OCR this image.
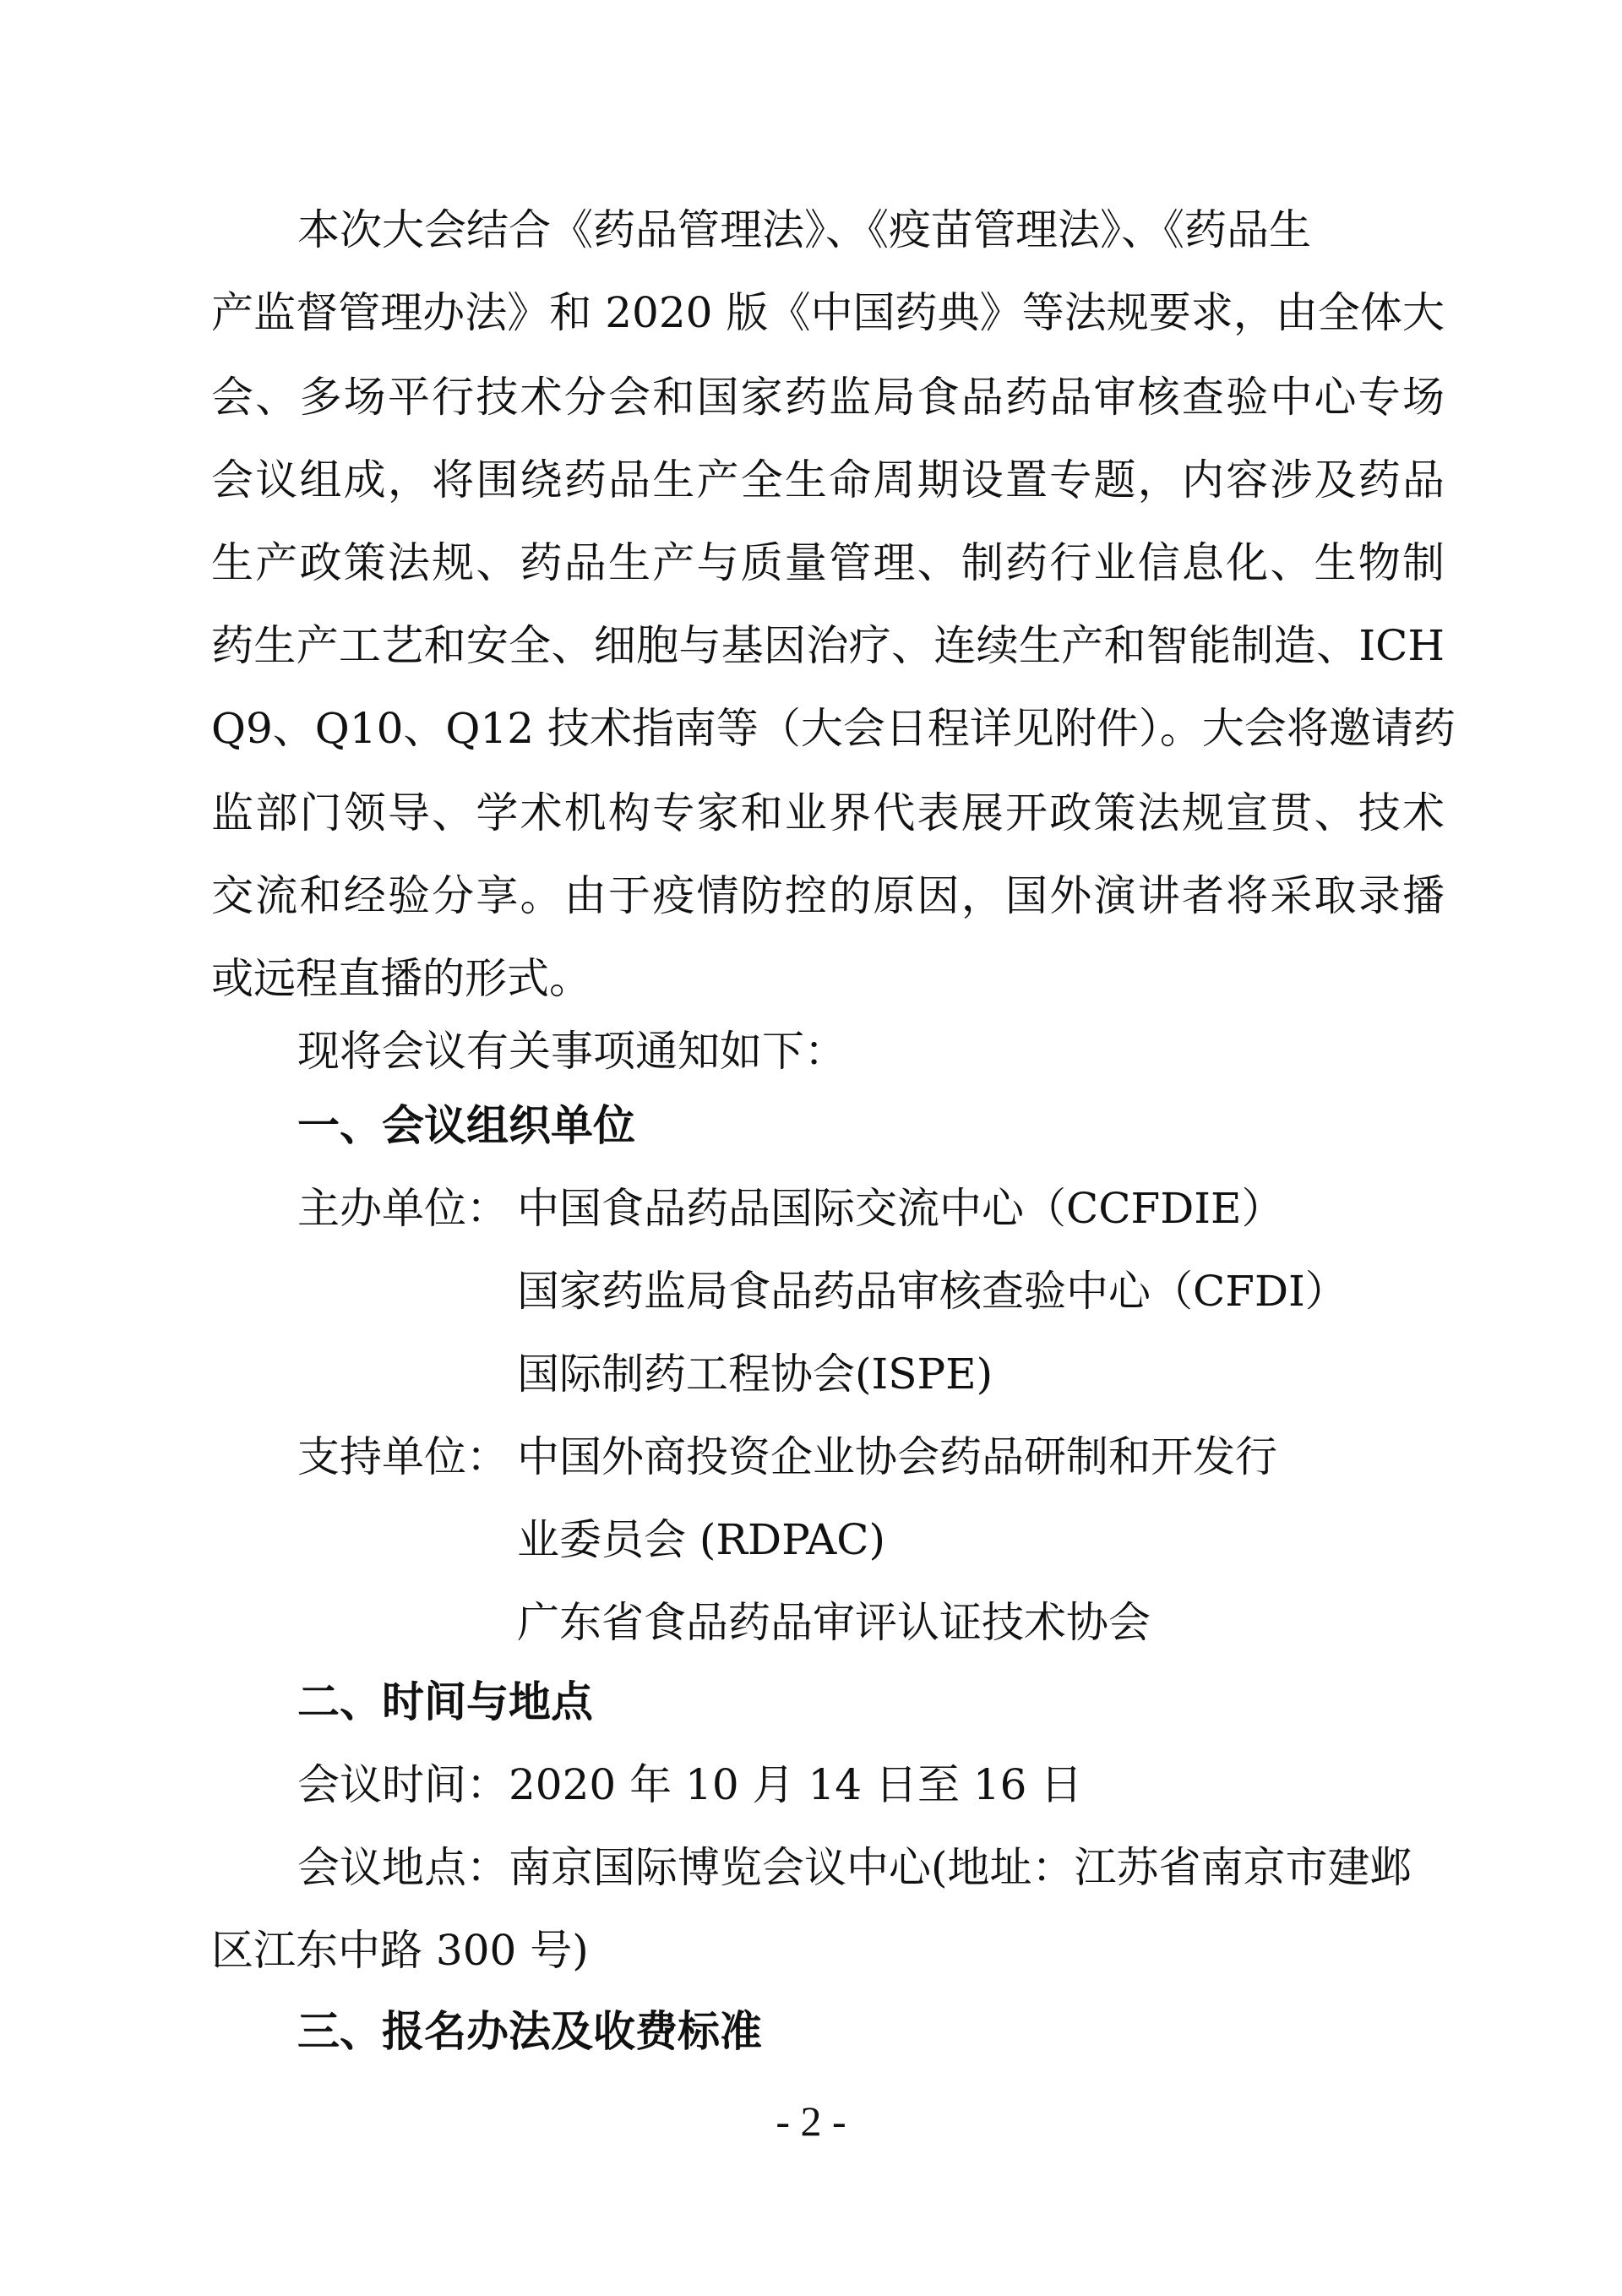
本次大会结合《药品管理法》、《疫苗管理法》、《药品生
产监督管理办法》和 2020 版《中国药典》等法规要求，由全体大
会、多场平行技术分会和国家药监局食品药品审核查验中心专场
会议组成，将围绕药品生产全生命周期设置专题，内容涉及药品
生产政策法规、药品生产与质量管理、制药行业信息化、生物制
药生产工艺和安全、细胞与基因治疗、连续生产和智能制造、ICH
Q9、Q10、Q12 技术指南等（大会日程详见附件）。大会将邀请药
监部门领导、学术机构专家和业界代表展开政策法规宣贯、技术
交流和经验分享。由于疫情防控的原因，国外演讲者将采取录播
或远程直播的形式。
现将会议有关事项通知如下：
一、会议组织单位
主办单位： 中国食品药品国际交流中心（CCFDIE）
国家药监局食品药品审核查验中心（CFDI）
国际制药工程协会(ISPE)
支持单位： 中国外商投资企业协会药品研制和开发行
业委员会 (RDPAC)
广东省食品药品审评认证技术协会
二、时间与地点
会议时间：2020 年 10 月 14 日至 16 日
会议地点：南京国际博览会议中心(地址：江苏省南京市建邺
区江东中路 300 号)
三、报名办法及收费标准
- 2 -
